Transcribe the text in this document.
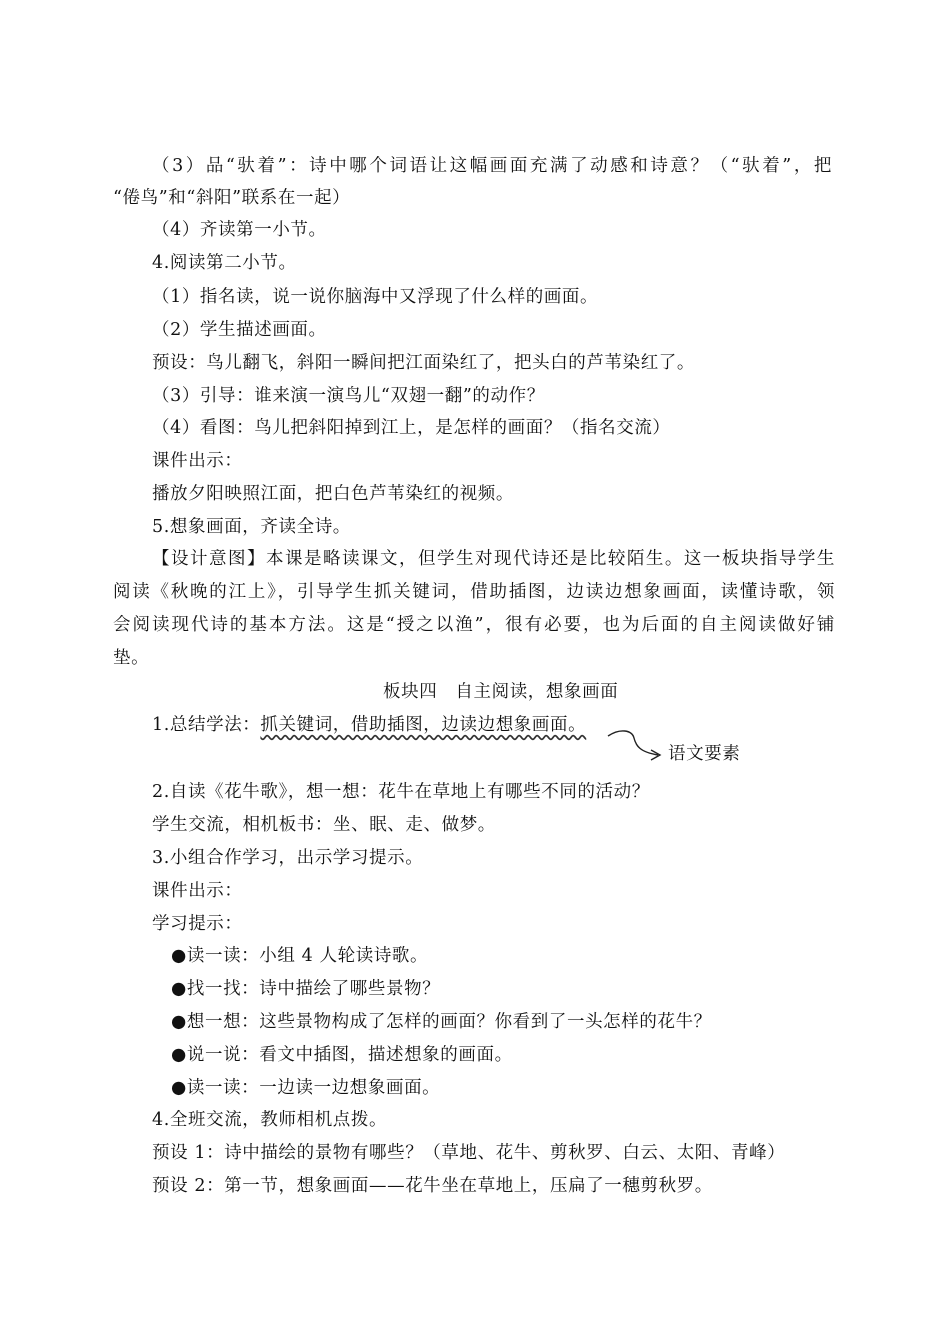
（3）品“驮着”：诗中哪个词语让这幅画面充满了动感和诗意？（“驮着”，把
“倦鸟”和“斜阳”联系在一起）
（4）齐读第一小节。
4.阅读第二小节。
（1）指名读，说一说你脑海中又浮现了什么样的画面。
（2）学生描述画面。
预设：鸟儿翻飞，斜阳一瞬间把江面染红了，把头白的芦苇染红了。
（3）引导：谁来演一演鸟儿“双翅一翻”的动作？
（4）看图：鸟儿把斜阳掉到江上，是怎样的画面？（指名交流）
课件出示：
播放夕阳映照江面，把白色芦苇染红的视频。
5.想象画面，齐读全诗。
【设计意图】本课是略读课文，但学生对现代诗还是比较陌生。这一板块指导学生
阅读《秋晚的江上》，引导学生抓关键词，借助插图，边读边想象画面，读懂诗歌，领
会阅读现代诗的基本方法。这是“授之以渔”，很有必要，也为后面的自主阅读做好铺
垫。
板块四　自主阅读，想象画面
1.总结学法：抓关键词，借助插图，边读边想象画面。
语文要素
2.自读《花牛歌》，想一想：花牛在草地上有哪些不同的活动？
学生交流，相机板书：坐、眠、走、做梦。
3.小组合作学习，出示学习提示。
课件出示：
学习提示：
●读一读：小组 4 人轮读诗歌。
●找一找：诗中描绘了哪些景物？
●想一想：这些景物构成了怎样的画面？你看到了一头怎样的花牛？
●说一说：看文中插图，描述想象的画面。
●读一读：一边读一边想象画面。
4.全班交流，教师相机点拨。
预设 1：诗中描绘的景物有哪些？（草地、花牛、剪秋罗、白云、太阳、青峰）
预设 2：第一节，想象画面——花牛坐在草地上，压扁了一穗剪秋罗。
